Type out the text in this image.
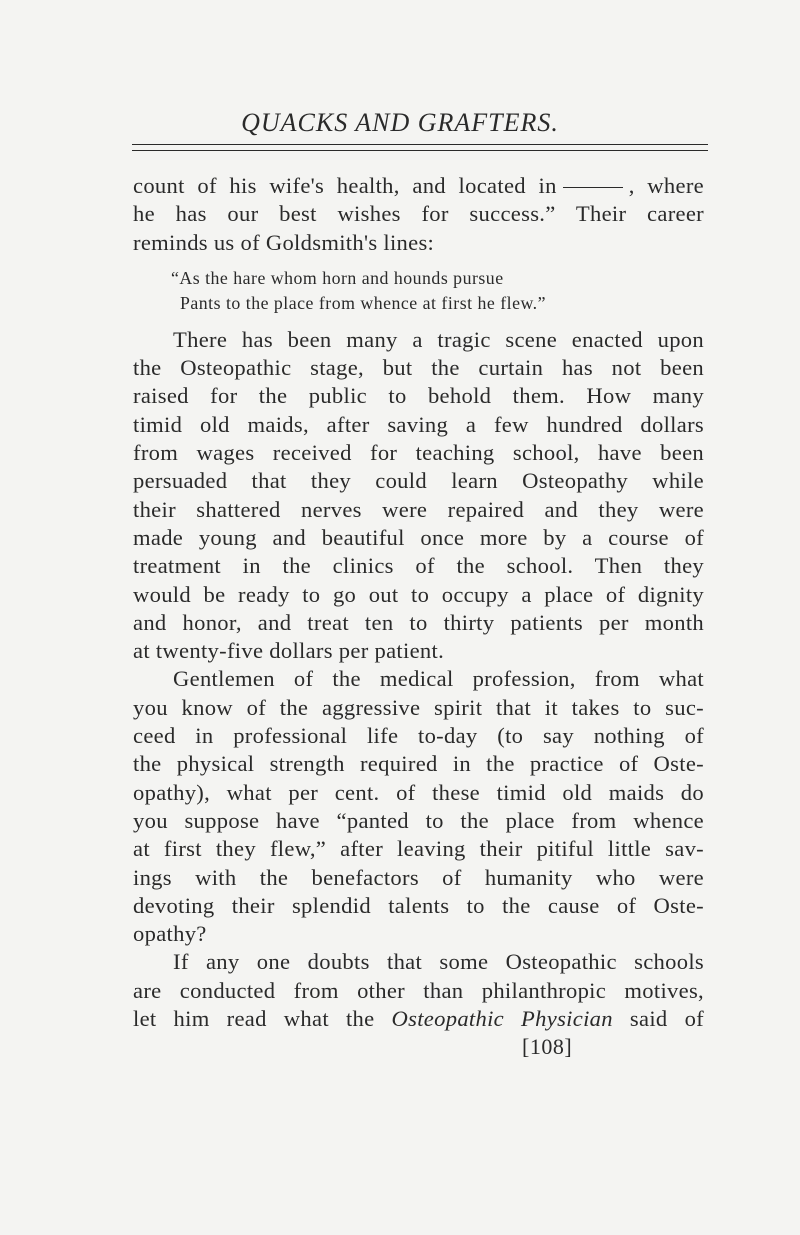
QUACKS AND GRAFTERS.
count of his wife's health, and located in	, where
he has our best wishes for success.” Their career
reminds us of Goldsmith's lines:
“As the hare whom horn and hounds pursue
Pants to the place from whence at first he flew.”
There has been many a tragic scene enacted upon
the Osteopathic stage, but the curtain has not been
raised for the public to behold them. How many
timid old maids, after saving a few hundred dollars
from wages received for teaching school, have been
persuaded that they could learn Osteopathy while
their shattered nerves were repaired and they were
made young and beautiful once more by a course of
treatment in the clinics of the school. Then they
would be ready to go out to occupy a place of dignity
and honor, and treat ten to thirty patients per month
at twenty-five dollars per patient.
Gentlemen of the medical profession, from what
you know of the aggressive spirit that it takes to suc-
ceed in professional life to-day (to say nothing of
the physical strength required in the practice of Oste-
opathy), what per cent. of these timid old maids do
you suppose have “panted to the place from whence
at first they flew,” after leaving their pitiful little sav-
ings with the benefactors of humanity who were
devoting their splendid talents to the cause of Oste-
opathy?
If any one doubts that some Osteopathic schools
are conducted from other than philanthropic motives,
let him read what the Osteopathic Physician said of
[108]
